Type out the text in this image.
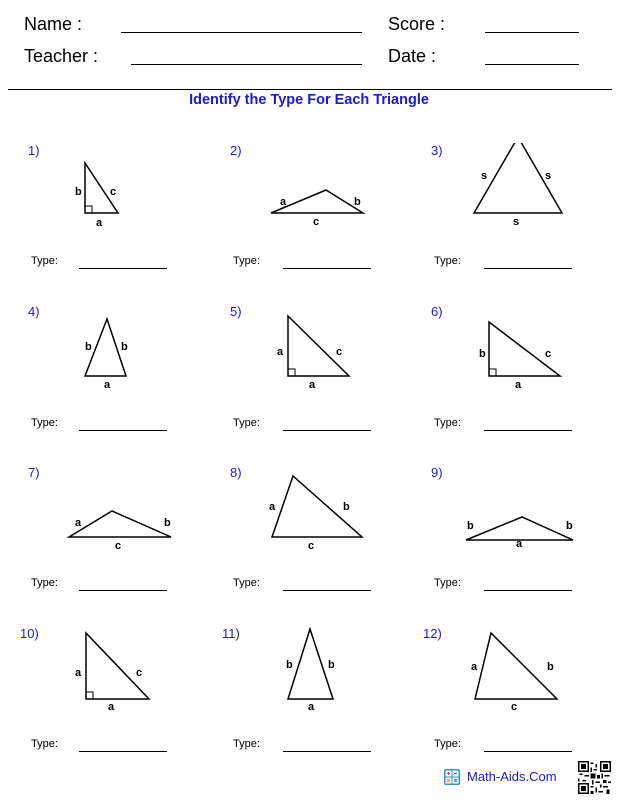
Name :
Teacher :
Score :
Date :
Identify the Type For Each Triangle
1)
b	c
a
Type:
2)
a	b
c
Type:
3)
s	s
s
Type:
4)
b	b
a
Type:
5)
a	c
a
Type:
6)
b	c
a
Type:
7)
a	b
c
Type:
8)
a	b
c
Type:
9)
b	b
a
Type:
10)
a	c
a
Type:
11)
b	b
a
Type:
12)
a	b
c
Type:
Math-Aids.Com
